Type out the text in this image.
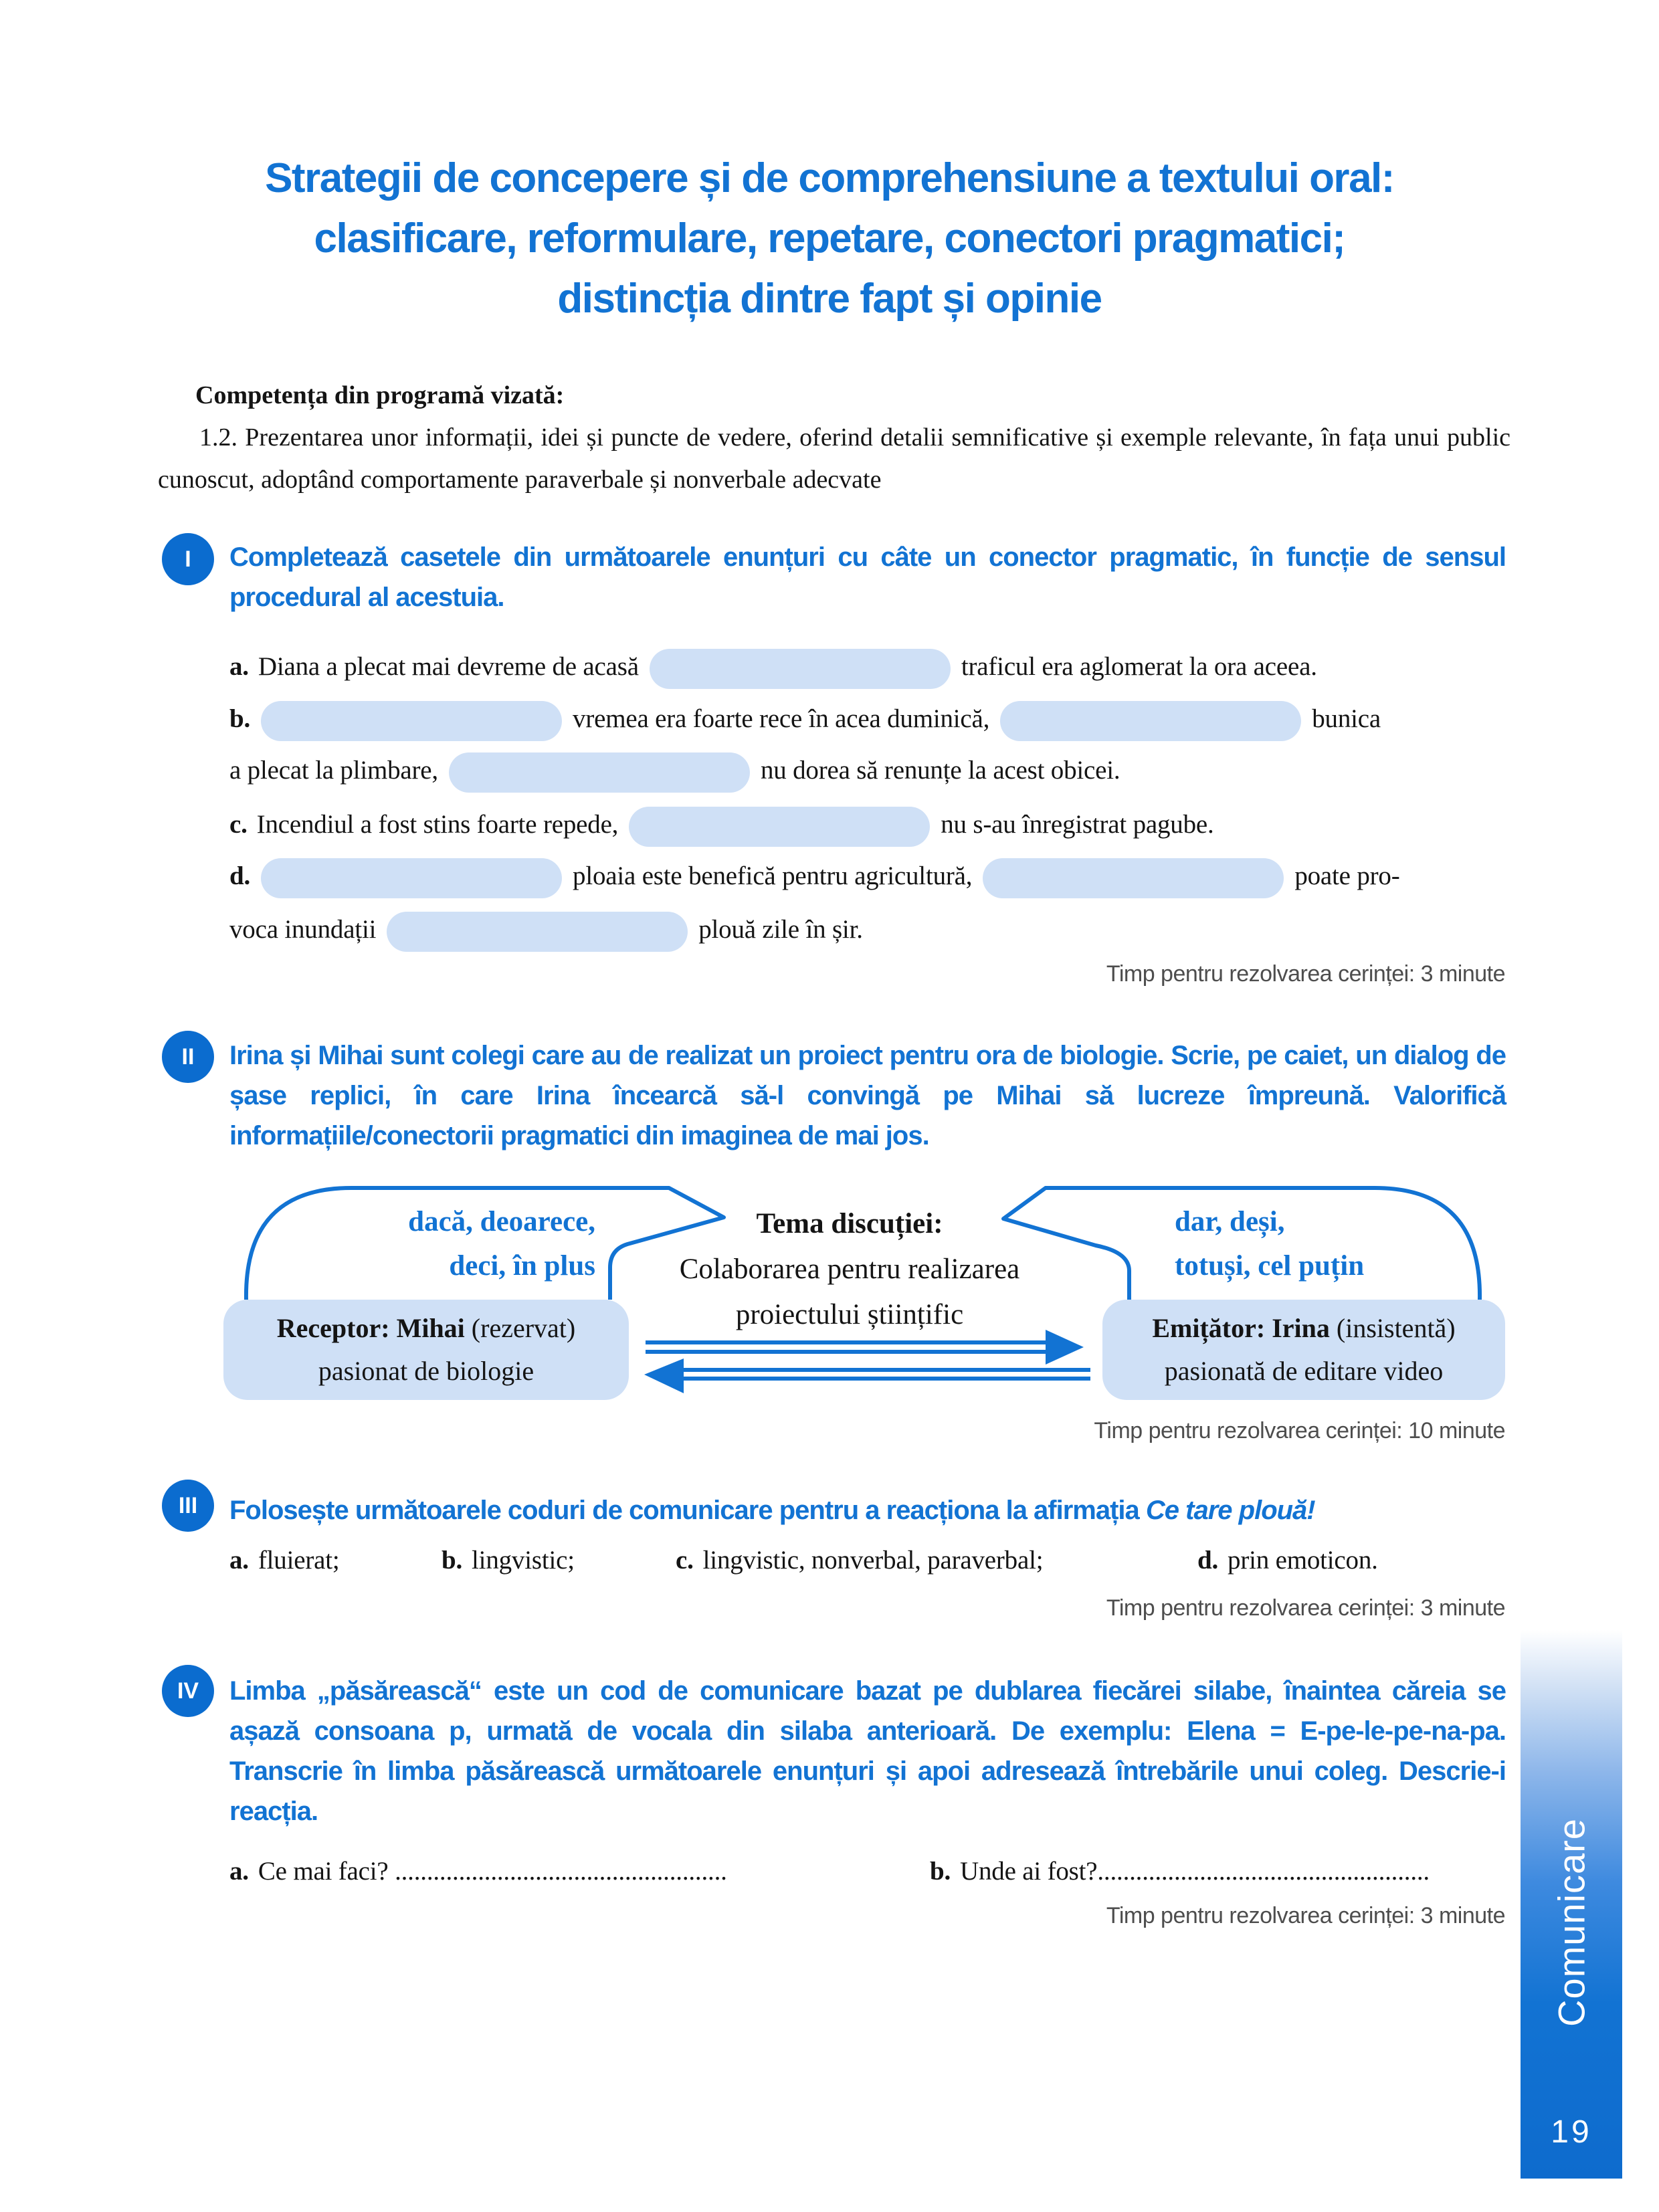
Strategii de concepere și de comprehensiune a textului oral:
clasificare, reformulare, repetare, conectori pragmatici;
distincția dintre fapt și opinie
Competența din programă vizată:

1.2. Prezentarea unor informații, idei și puncte de vedere, oferind detalii semnificative și exemple relevante, în fața unui public cunoscut, adoptând comportamente paraverbale și nonverbale adecvate

I Completează casetele din următoarele enunțuri cu câte un conector pragmatic, în funcție de sensul procedural al acestuia.
a. Diana a plecat mai devreme de acasă	traficul era aglomerat la ora aceea.
b.	vremea era foarte rece în acea duminică,	bunica
a plecat la plimbare,	nu dorea să renunțe la acest obicei.
c. Incendiul a fost stins foarte repede,	nu s-au înregistrat pagube.
d.	ploaia este benefică pentru agricultură,	poate pro-
voca inundații	plouă zile în șir.
Timp pentru rezolvarea cerinței: 3 minute
II Irina și Mihai sunt colegi care au de realizat un proiect pentru ora de biologie. Scrie, pe caiet, un dialog de șase replici, în care Irina încearcă să-l convingă pe Mihai să lucreze împreună. Valorifică informațiile/conectorii pragmatici din imaginea de mai jos.
dacă, deoarece,
deci, în plus
Tema discuției:
Colaborarea pentru realizarea
proiectului științific
dar, deși,
totuși, cel puțin
Receptor: Mihai (rezervat)
pasionat de biologie
Emițător: Irina (insistentă)
pasionată de editare video
Timp pentru rezolvarea cerinței: 10 minute
III Folosește următoarele coduri de comunicare pentru a reacționa la afirmația Ce tare plouă!
a. fluierat;	b. lingvistic;	c. lingvistic, nonverbal, paraverbal;	d. prin emoticon.
Timp pentru rezolvarea cerinței: 3 minute
IV Limba „păsărească“ este un cod de comunicare bazat pe dublarea fiecărei silabe, înaintea căreia se așază consoana p, urmată de vocala din silaba anterioară. De exemplu: Elena = E-pe-le-pe-na-pa. Transcrie în limba păsărească următoarele enunțuri și apoi adresează întrebările unui coleg. Descrie-i reacția.
a. Ce mai faci? ....................................................	b. Unde ai fost?....................................................
Timp pentru rezolvarea cerinței: 3 minute Comunicare
19
